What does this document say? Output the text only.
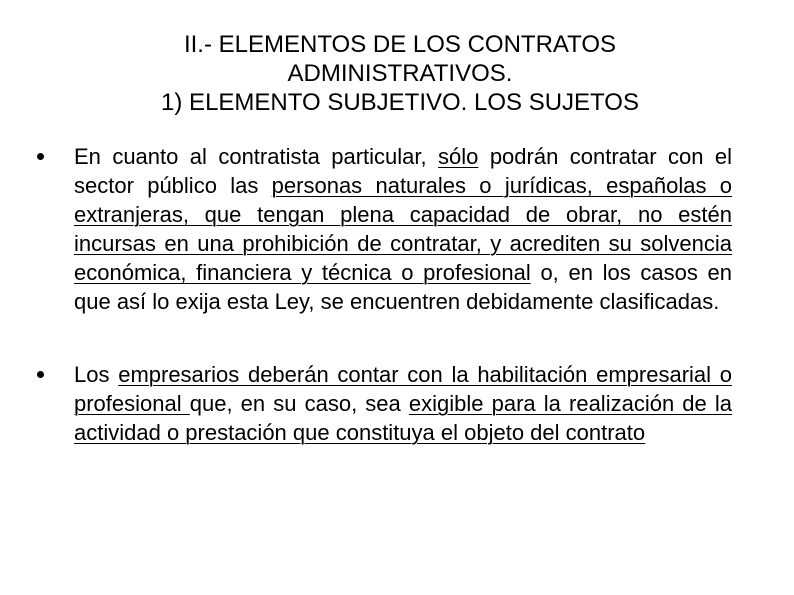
II.- ELEMENTOS DE LOS CONTRATOS
ADMINISTRATIVOS.
1) ELEMENTO SUBJETIVO. LOS SUJETOS
En cuanto al contratista particular, sólo podrán contratar con el sector público las personas naturales o jurídicas, españolas o extranjeras, que tengan plena capacidad de obrar, no estén incursas en una prohibición de contratar, y acrediten su solvencia económica, financiera y técnica o profesional o, en los casos en que así lo exija esta Ley, se encuentren debidamente clasificadas.
Los empresarios deberán contar con la habilitación empresarial o profesional que, en su caso, sea exigible para la realización de la actividad o prestación que constituya el objeto del contrato
